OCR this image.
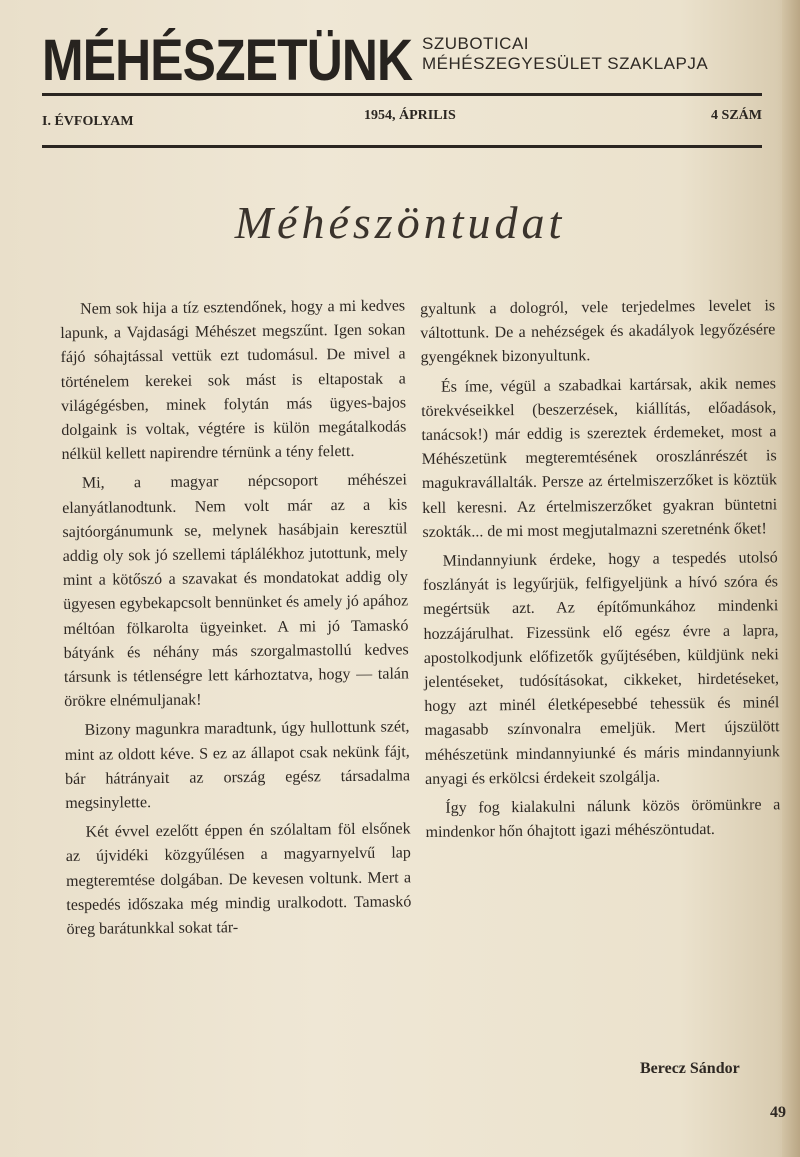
MÉHÉSZETÜNK SZUBOTICAI
MÉHÉSZEGYESÜLET SZAKLAPJA
I. ÉVFOLYAM	1954, ÁPRILIS	4 SZÁM
Méhészöntudat

Nem sok hija a tíz esztendőnek, hogy a mi kedves lapunk, a Vajdasági Méhészet megszűnt. Igen sokan fájó sóhajtással vettük ezt tudomásul. De mivel a történelem kerekei sok mást is eltapostak a világégésben, minek folytán más ügyes-bajos dolgaink is voltak, végtére is külön megátalkodás nélkül kellett napirendre térnünk a tény felett.

Mi, a magyar népcsoport méhészei elanyátlanodtunk. Nem volt már az a kis sajtóorgánumunk se, melynek hasábjain keresztül addig oly sok jó szellemi táplálékhoz jutottunk, mely mint a kötőszó a szavakat és mondatokat addig oly ügyesen egybekapcsolt bennünket és amely jó apához méltóan fölkarolta ügyeinket. A mi jó Tamaskó bátyánk és néhány más szorgalmastollú kedves társunk is tétlenségre lett kárhoztatva, hogy — talán örökre elnémuljanak!

Bizony magunkra maradtunk, úgy hullottunk szét, mint az oldott kéve. S ez az állapot csak nekünk fájt, bár hátrányait az ország egész társadalma megsinylette.

Két évvel ezelőtt éppen én szólaltam föl elsőnek az újvidéki közgyűlésen a magyarnyelvű lap megteremtése dolgában. De kevesen voltunk. Mert a tespedés időszaka még mindig uralkodott. Tamaskó öreg barátunkkal sokat tár-

gyaltunk a dologról, vele terjedelmes levelet is váltottunk. De a nehézségek és akadályok legyőzésére gyengéknek bizonyultunk.

És íme, végül a szabadkai kartársak, akik nemes törekvéseikkel (beszerzések, kiállítás, előadások, tanácsok!) már eddig is szereztek érdemeket, most a Méhészetünk megteremtésének oroszlánrészét is magukravállalták. Persze az értelmiszerzőket is köztük kell keresni. Az értelmiszerzőket gyakran büntetni szokták... de mi most megjutalmazni szeretnénk őket!

Mindannyiunk érdeke, hogy a tespedés utolsó foszlányát is legyűrjük, felfigyeljünk a hívó szóra és megértsük azt. Az építőmunkához mindenki hozzájárulhat. Fizessünk elő egész évre a lapra, apostolkodjunk előfizetők gyűjtésében, küldjünk neki jelentéseket, tudósításokat, cikkeket, hirdetéseket, hogy azt minél életképesebbé tehessük és minél magasabb színvonalra emeljük. Mert újszülött méhészetünk mindannyiunké és máris mindannyiunk anyagi és erkölcsi érdekeit szolgálja.

Így fog kialakulni nálunk közös örömünkre a mindenkor hőn óhajtott igazi méhészöntudat.

Berecz Sándor
49
